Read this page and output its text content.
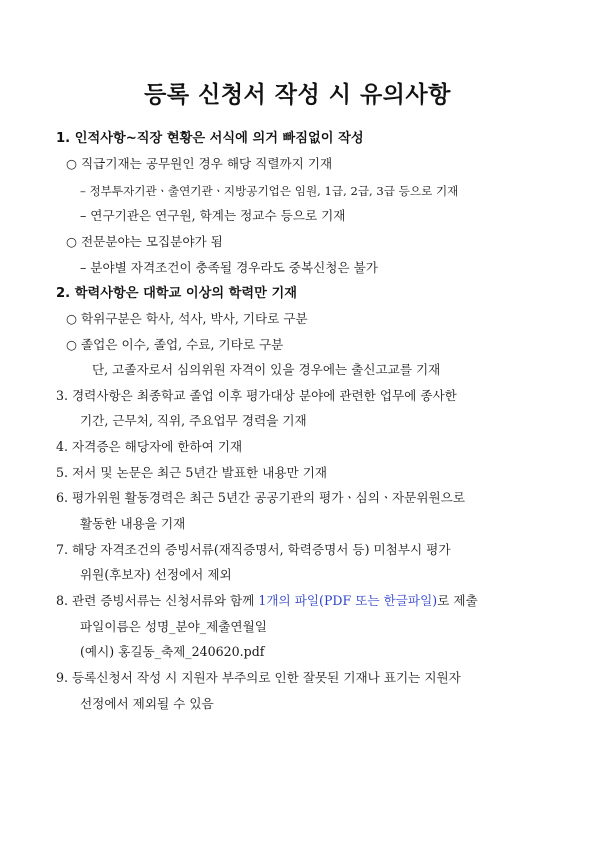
등록 신청서 작성 시 유의사항
1. 인적사항~직장 현황은 서식에 의거 빠짐없이 작성
○ 직급기재는 공무원인 경우 해당 직렬까지 기재
– 정부투자기관ㆍ출연기관ㆍ지방공기업은 임원, 1급, 2급, 3급 등으로 기재
– 연구기관은 연구원, 학계는 정교수 등으로 기재
○ 전문분야는 모집분야가 됨
– 분야별 자격조건이 충족될 경우라도 중복신청은 불가
2. 학력사항은 대학교 이상의 학력만 기재
○ 학위구분은 학사, 석사, 박사, 기타로 구분
○ 졸업은 이수, 졸업, 수료, 기타로 구분
단, 고졸자로서 심의위원 자격이 있을 경우에는 출신고교를 기재
3. 경력사항은 최종학교 졸업 이후 평가대상 분야에 관련한 업무에 종사한
기간, 근무처, 직위, 주요업무 경력을 기재
4. 자격증은 해당자에 한하여 기재
5. 저서 및 논문은 최근 5년간 발표한 내용만 기재
6. 평가위원 활동경력은 최근 5년간 공공기관의 평가ㆍ심의ㆍ자문위원으로
활동한 내용을 기재
7. 해당 자격조건의 증빙서류(재직증명서, 학력증명서 등) 미첨부시 평가
위원(후보자) 선정에서 제외
8. 관련 증빙서류는 신청서류와 함께 1개의 파일(PDF 또는 한글파일)로 제출
파일이름은 성명_분야_제출연월일
(예시) 홍길동_축제_240620.pdf
9. 등록신청서 작성 시 지원자 부주의로 인한 잘못된 기재나 표기는 지원자
선정에서 제외될 수 있음
